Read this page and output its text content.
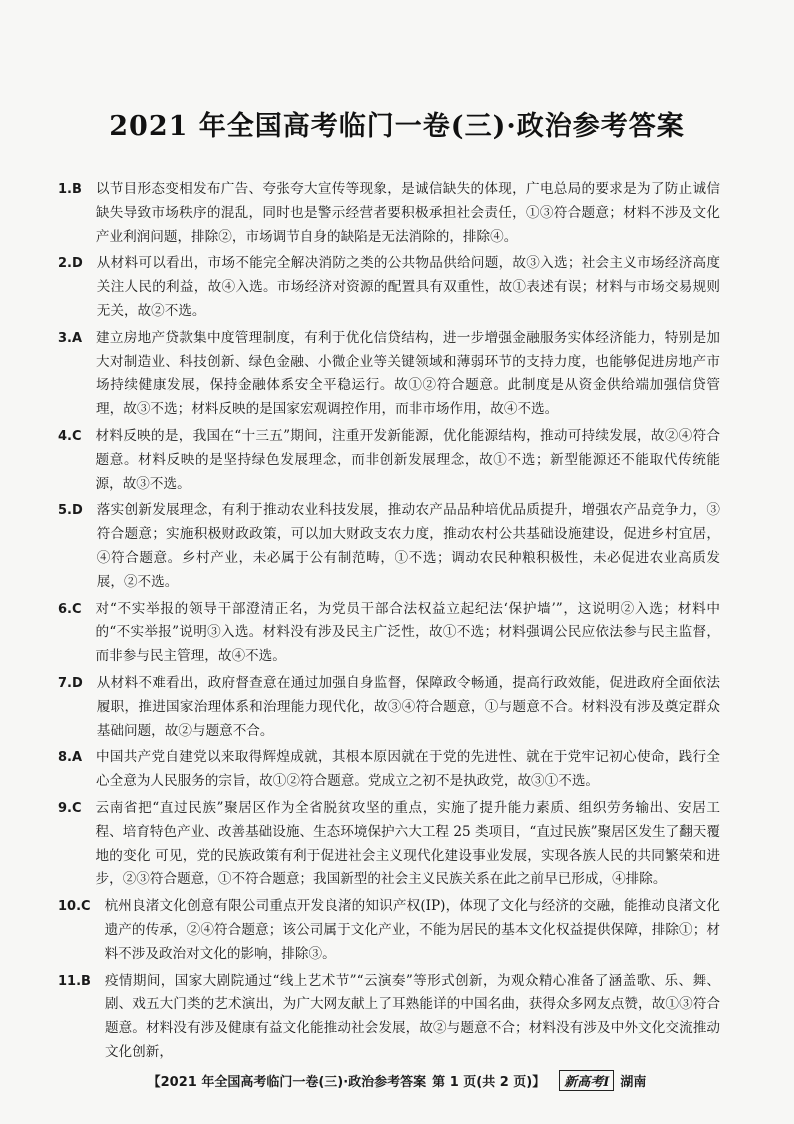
2021 年全国高考临门一卷(三)·政治参考答案
1.B 以节目形态变相发布广告、夸张夸大宣传等现象，是诚信缺失的体现，广电总局的要求是为了防止诚信缺失导致市场秩序的混乱，同时也是警示经营者要积极承担社会责任，①③符合题意；材料不涉及文化产业利润问题，排除②，市场调节自身的缺陷是无法消除的，排除④。
2.D 从材料可以看出，市场不能完全解决消防之类的公共物品供给问题，故③入选；社会主义市场经济高度关注人民的利益，故④入选。市场经济对资源的配置具有双重性，故①表述有误；材料与市场交易规则无关，故②不选。
3.A 建立房地产贷款集中度管理制度，有利于优化信贷结构，进一步增强金融服务实体经济能力，特别是加大对制造业、科技创新、绿色金融、小微企业等关键领域和薄弱环节的支持力度，也能够促进房地产市场持续健康发展，保持金融体系安全平稳运行。故①②符合题意。此制度是从资金供给端加强信贷管理，故③不选；材料反映的是国家宏观调控作用，而非市场作用，故④不选。
4.C 材料反映的是，我国在“十三五”期间，注重开发新能源，优化能源结构，推动可持续发展，故②④符合题意。材料反映的是坚持绿色发展理念，而非创新发展理念，故①不选；新型能源还不能取代传统能源，故③不选。
5.D 落实创新发展理念，有利于推动农业科技发展，推动农产品品种培优品质提升，增强农产品竞争力，③符合题意；实施积极财政政策，可以加大财政支农力度，推动农村公共基础设施建设，促进乡村宜居，④符合题意。乡村产业，未必属于公有制范畴，①不选；调动农民种粮积极性，未必促进农业高质发展，②不选。
6.C 对“不实举报的领导干部澄清正名，为党员干部合法权益立起纪法‘保护墙’”，这说明②入选；材料中的“不实举报”说明③入选。材料没有涉及民主广泛性，故①不选；材料强调公民应依法参与民主监督，而非参与民主管理，故④不选。
7.D 从材料不难看出，政府督查意在通过加强自身监督，保障政令畅通，提高行政效能，促进政府全面依法履职，推进国家治理体系和治理能力现代化，故③④符合题意，①与题意不合。材料没有涉及奠定群众基础问题，故②与题意不合。
8.A 中国共产党自建党以来取得辉煌成就，其根本原因就在于党的先进性、就在于党牢记初心使命，践行全心全意为人民服务的宗旨，故①②符合题意。党成立之初不是执政党，故③①不选。
9.C 云南省把“直过民族”聚居区作为全省脱贫攻坚的重点，实施了提升能力素质、组织劳务输出、安居工程、培育特色产业、改善基础设施、生态环境保护六大工程 25 类项目，“直过民族”聚居区发生了翻天覆地的变化 可见，党的民族政策有利于促进社会主义现代化建设事业发展，实现各族人民的共同繁荣和进步，②③符合题意，①不符合题意；我国新型的社会主义民族关系在此之前早已形成，④排除。
10.C 杭州良渚文化创意有限公司重点开发良渚的知识产权(IP)，体现了文化与经济的交融，能推动良渚文化遗产的传承，②④符合题意；该公司属于文化产业，不能为居民的基本文化权益提供保障，排除①；材料不涉及政治对文化的影响，排除③。
11.B 疫情期间，国家大剧院通过“线上艺术节”“云演奏”等形式创新，为观众精心准备了涵盖歌、乐、舞、剧、戏五大门类的艺术演出，为广大网友献上了耳熟能详的中国名曲，获得众多网友点赞，故①③符合题意。材料没有涉及健康有益文化能推动社会发展，故②与题意不合；材料没有涉及中外文化交流推动文化创新，
【2021 年全国高考临门一卷(三)·政治参考答案 第 1 页(共 2 页)】	新高考Ⅰ 湖南
